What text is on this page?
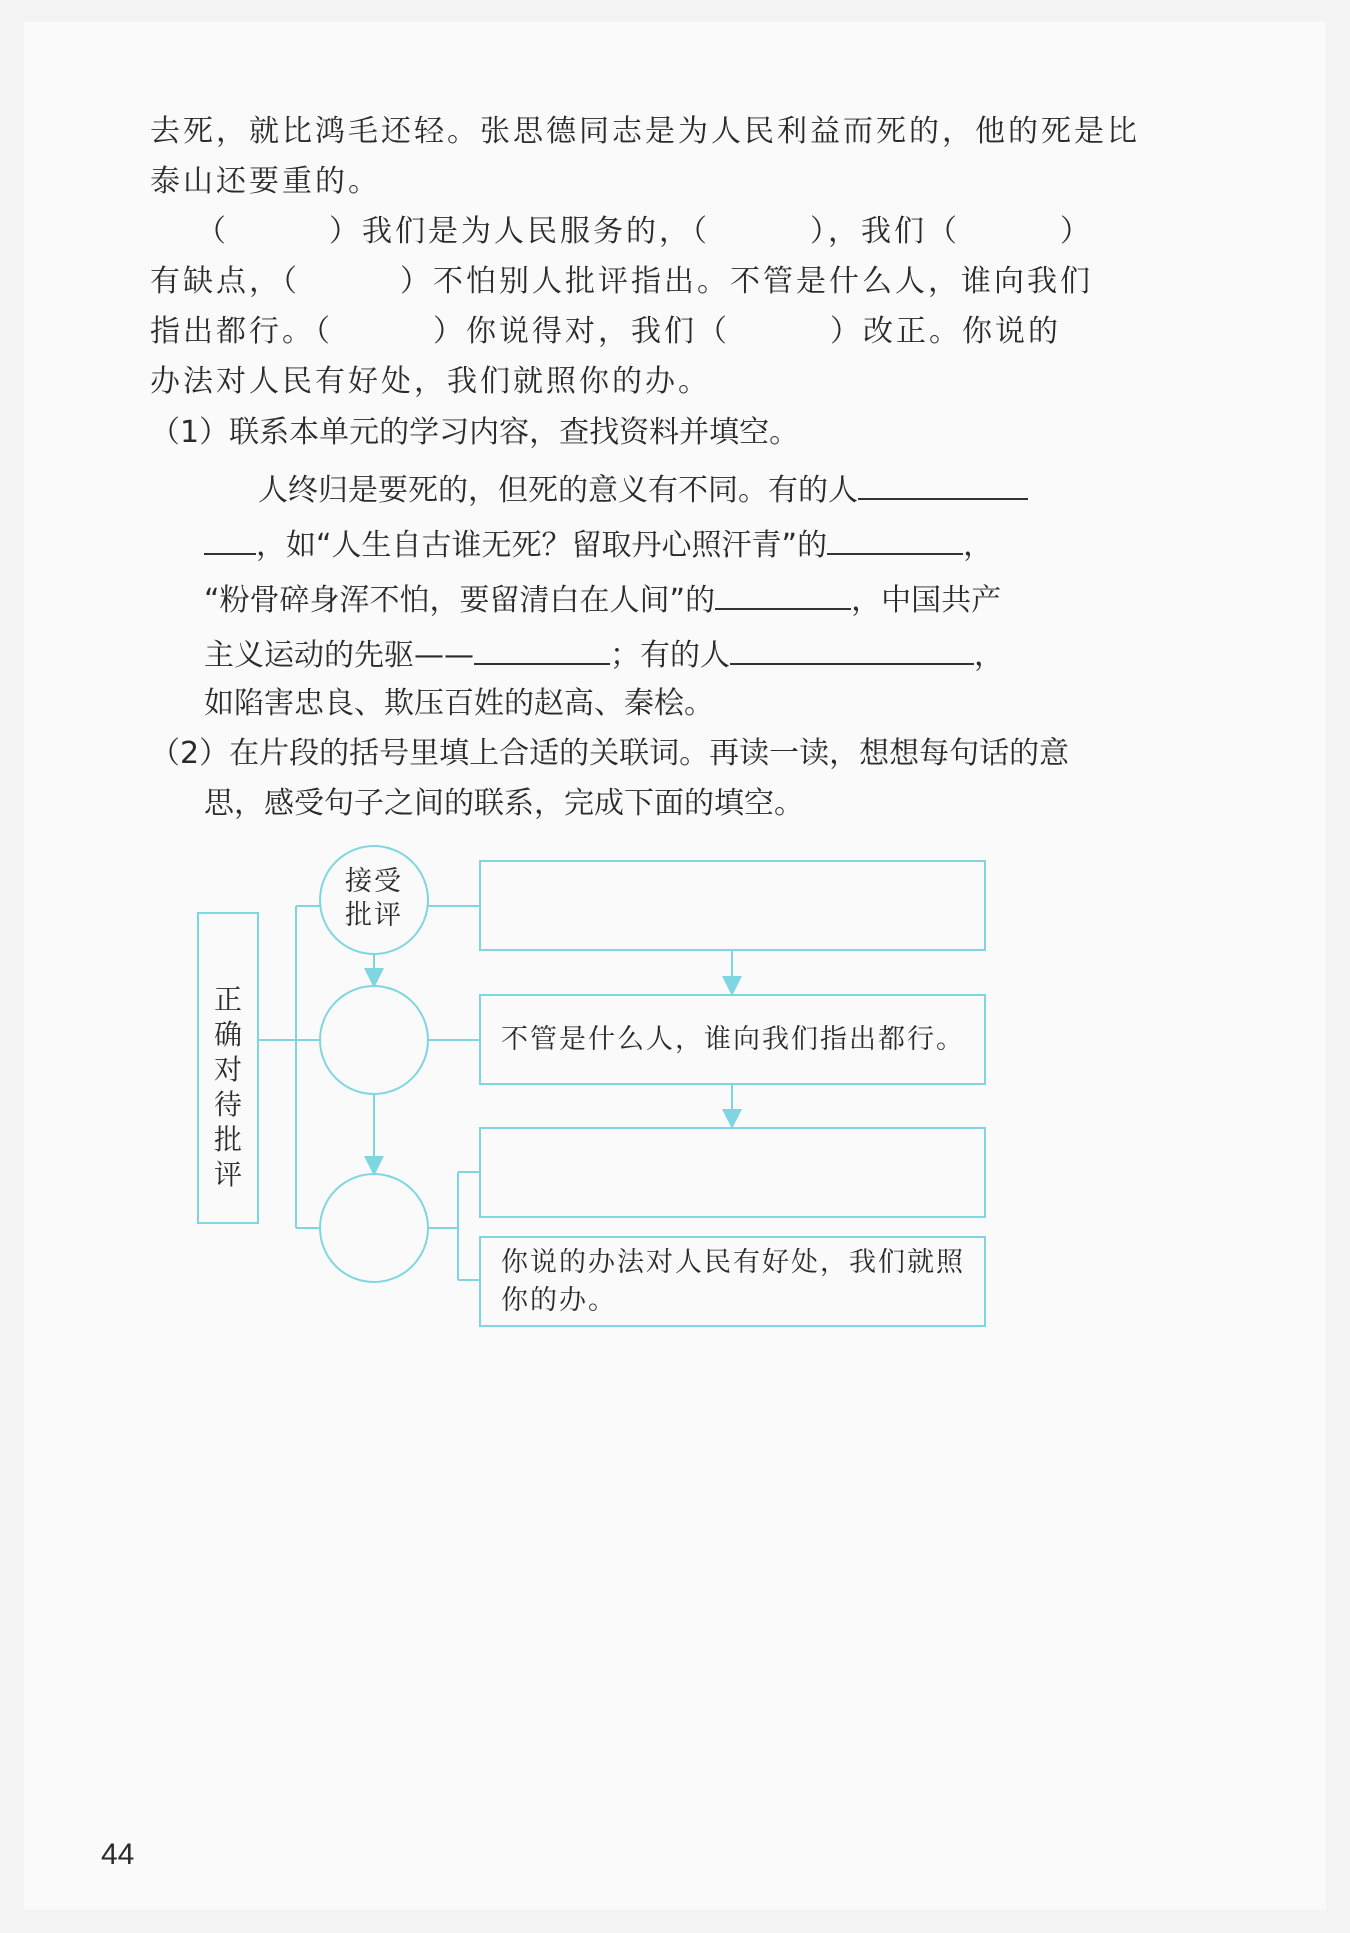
去死，就比鸿毛还轻。张思德同志是为人民利益而死的，他的死是比
泰山还要重的。
（	）我们是为人民服务的，（	），我们（	）
有缺点，（	）不怕别人批评指出。不管是什么人，谁向我们
指出都行。（	）你说得对，我们（	）改正。你说的
办法对人民有好处，我们就照你的办。
（1）联系本单元的学习内容，查找资料并填空。
人终归是要死的，但死的意义有不同。有的人
，如“人生自古谁无死？留取丹心照汗青”的	，
“粉骨碎身浑不怕，要留清白在人间”的	，中国共产
主义运动的先驱——	；有的人	，
如陷害忠良、欺压百姓的赵高、秦桧。
（2）在片段的括号里填上合适的关联词。再读一读，想想每句话的意
思，感受句子之间的联系，完成下面的填空。
正
确
对
待
批
评
接受
批评
不管是什么人，谁向我们指出都行。
你说的办法对人民有好处，我们就照
你的办。
44
